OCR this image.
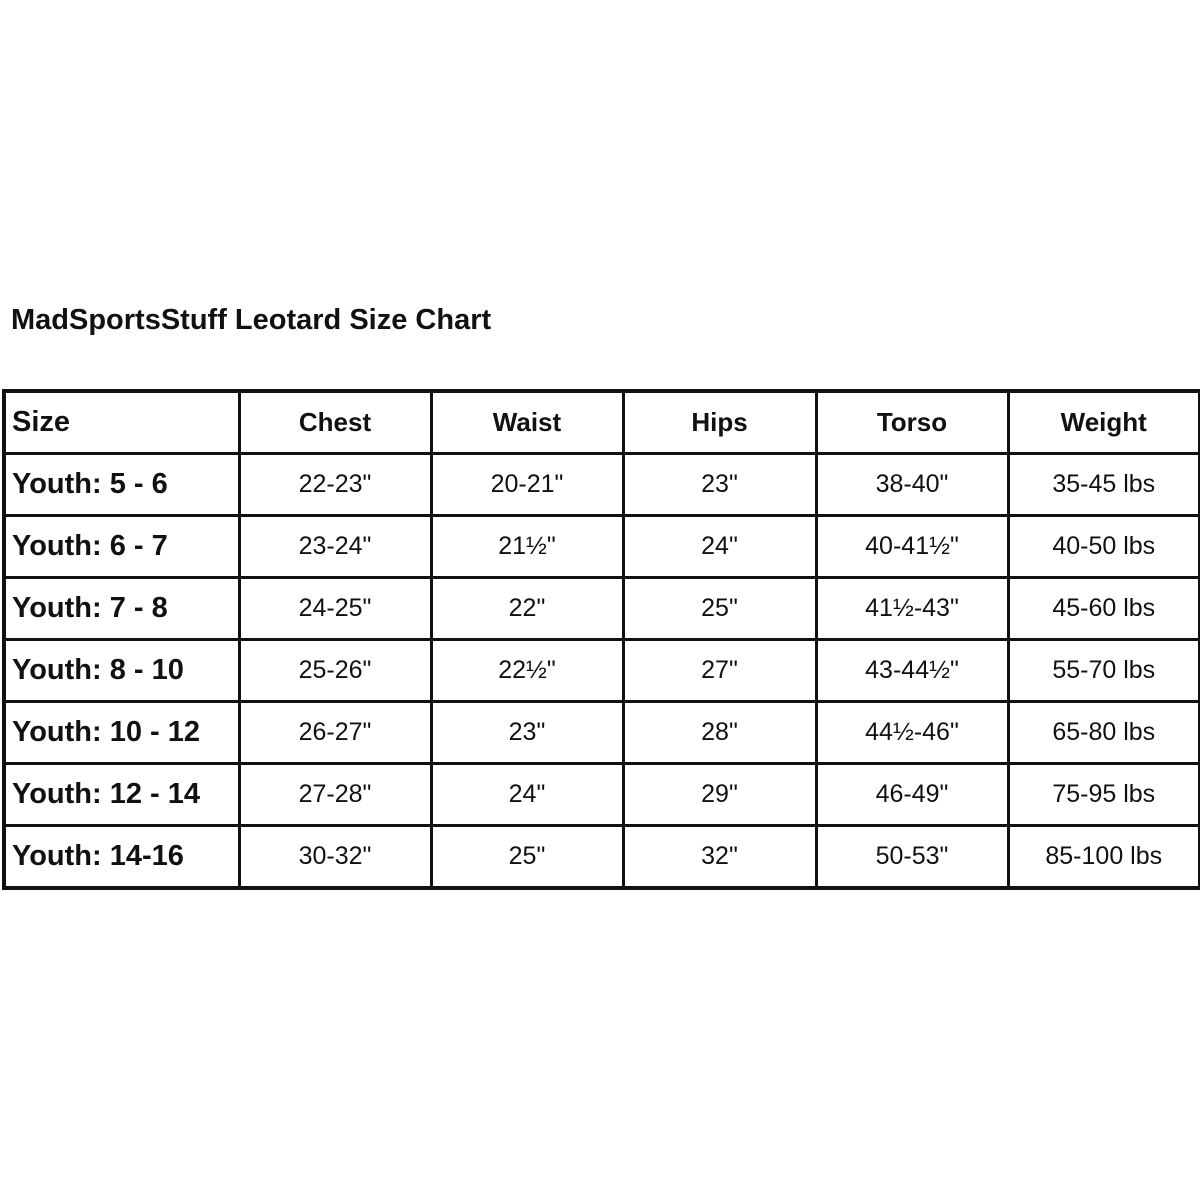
MadSportsStuff Leotard Size Chart
Size	Chest	Waist	Hips	Torso	Weight
Youth: 5 - 6	22-23"	20-21"	23"	38-40"	35-45 lbs
Youth: 6 - 7	23-24"	21½"	24"	40-41½"	40-50 lbs
Youth: 7 - 8	24-25"	22"	25"	41½-43"	45-60 lbs
Youth: 8 - 10	25-26"	22½"	27"	43-44½"	55-70 lbs
Youth: 10 - 12	26-27"	23"	28"	44½-46"	65-80 lbs
Youth: 12 - 14	27-28"	24"	29"	46-49"	75-95 lbs
Youth: 14-16	30-32"	25"	32"	50-53"	85-100 lbs
